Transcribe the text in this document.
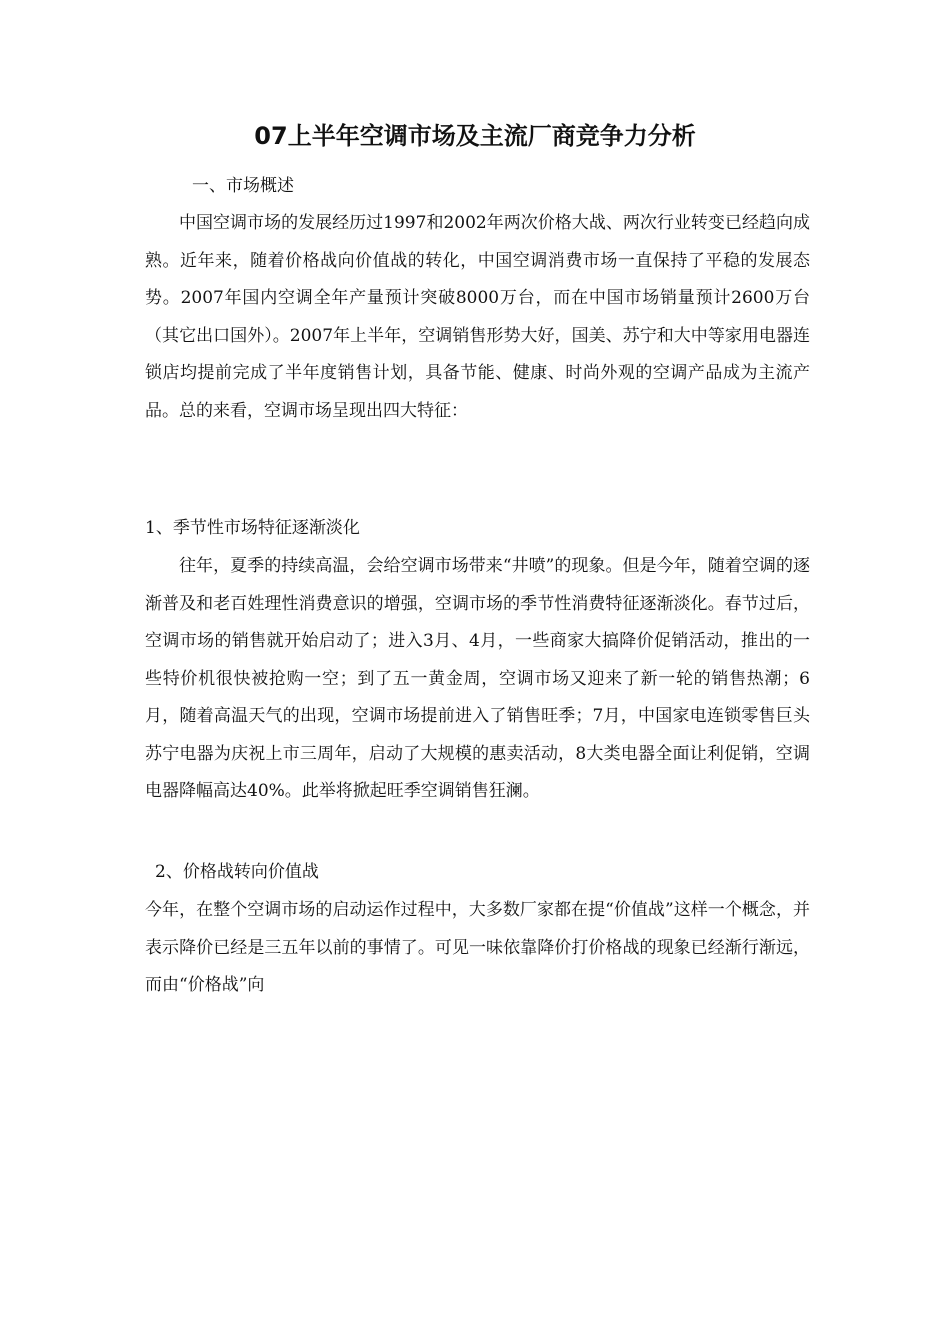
07上半年空调市场及主流厂商竞争力分析

一、市场概述

中国空调市场的发展经历过1997和2002年两次价格大战、两次行业转变已经趋向成熟。近年来，随着价格战向价值战的转化，中国空调消费市场一直保持了平稳的发展态势。2007年国内空调全年产量预计突破8000万台，而在中国市场销量预计2600万台（其它出口国外）。2007年上半年，空调销售形势大好，国美、苏宁和大中等家用电器连锁店均提前完成了半年度销售计划，具备节能、健康、时尚外观的空调产品成为主流产品。总的来看，空调市场呈现出四大特征：

1、季节性市场特征逐渐淡化

往年，夏季的持续高温，会给空调市场带来“井喷”的现象。但是今年，随着空调的逐渐普及和老百姓理性消费意识的增强，空调市场的季节性消费特征逐渐淡化。春节过后，空调市场的销售就开始启动了；进入3月、4月，一些商家大搞降价促销活动，推出的一些特价机很快被抢购一空；到了五一黄金周，空调市场又迎来了新一轮的销售热潮；6月，随着高温天气的出现，空调市场提前进入了销售旺季；7月，中国家电连锁零售巨头苏宁电器为庆祝上市三周年，启动了大规模的惠卖活动，8大类电器全面让利促销，空调电器降幅高达40%。此举将掀起旺季空调销售狂澜。

2、价格战转向价值战

今年，在整个空调市场的启动运作过程中，大多数厂家都在提“价值战”这样一个概念，并表示降价已经是三五年以前的事情了。可见一味依靠降价打价格战的现象已经渐行渐远，而由“价格战”向
